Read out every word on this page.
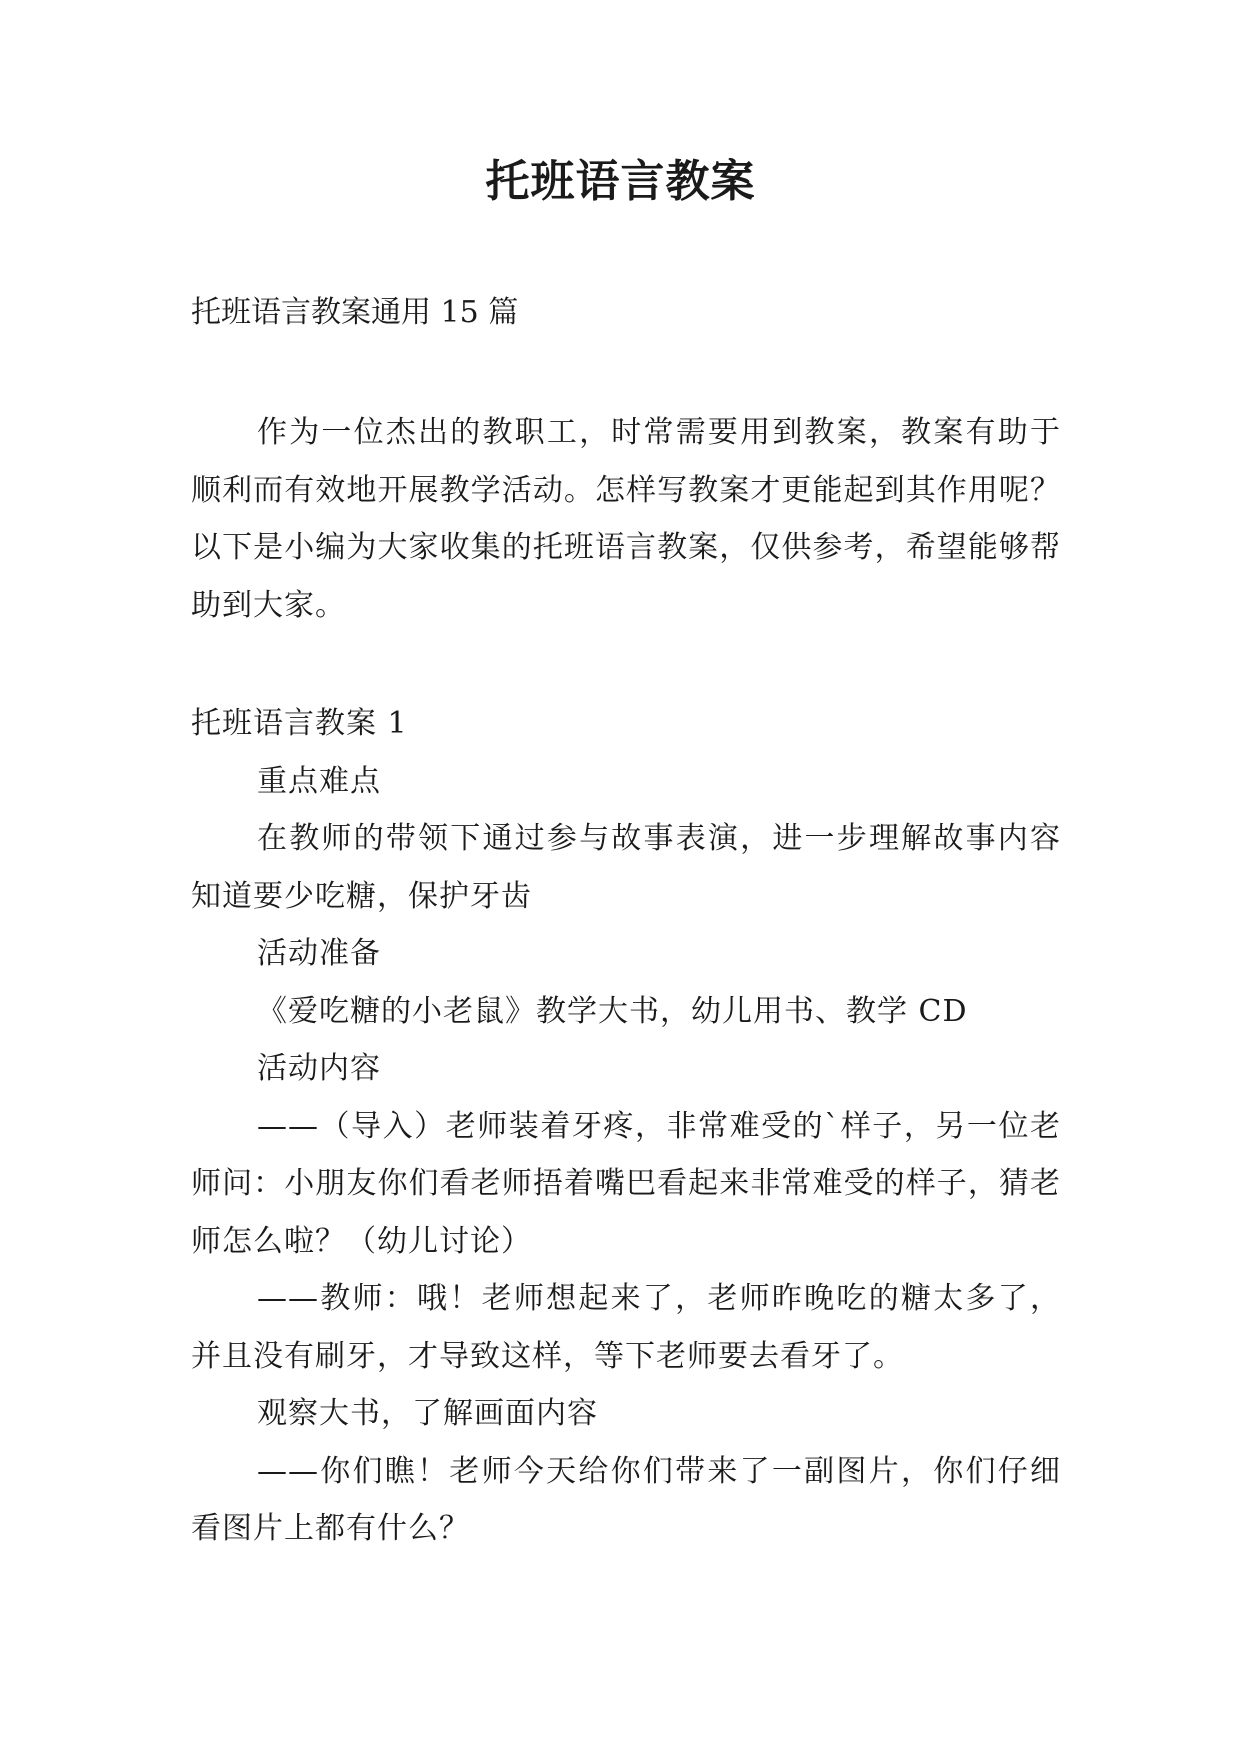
托班语言教案

托班语言教案通用 15 篇

作为一位杰出的教职工，时常需要用到教案，教案有助于顺利而有效地开展教学活动。怎样写教案才更能起到其作用呢？以下是小编为大家收集的托班语言教案，仅供参考，希望能够帮助到大家。

托班语言教案 1

重点难点

在教师的带领下通过参与故事表演，进一步理解故事内容 知道要少吃糖，保护牙齿

活动准备

《爱吃糖的小老鼠》教学大书，幼儿用书、教学 CD

活动内容

——（导入）老师装着牙疼，非常难受的`样子，另一位老师问：小朋友你们看老师捂着嘴巴看起来非常难受的样子，猜老师怎么啦？（幼儿讨论）

——教师：哦！老师想起来了，老师昨晚吃的糖太多了，并且没有刷牙，才导致这样，等下老师要去看牙了。

观察大书，了解画面内容

——你们瞧！老师今天给你们带来了一副图片，你们仔细看图片上都有什么？
